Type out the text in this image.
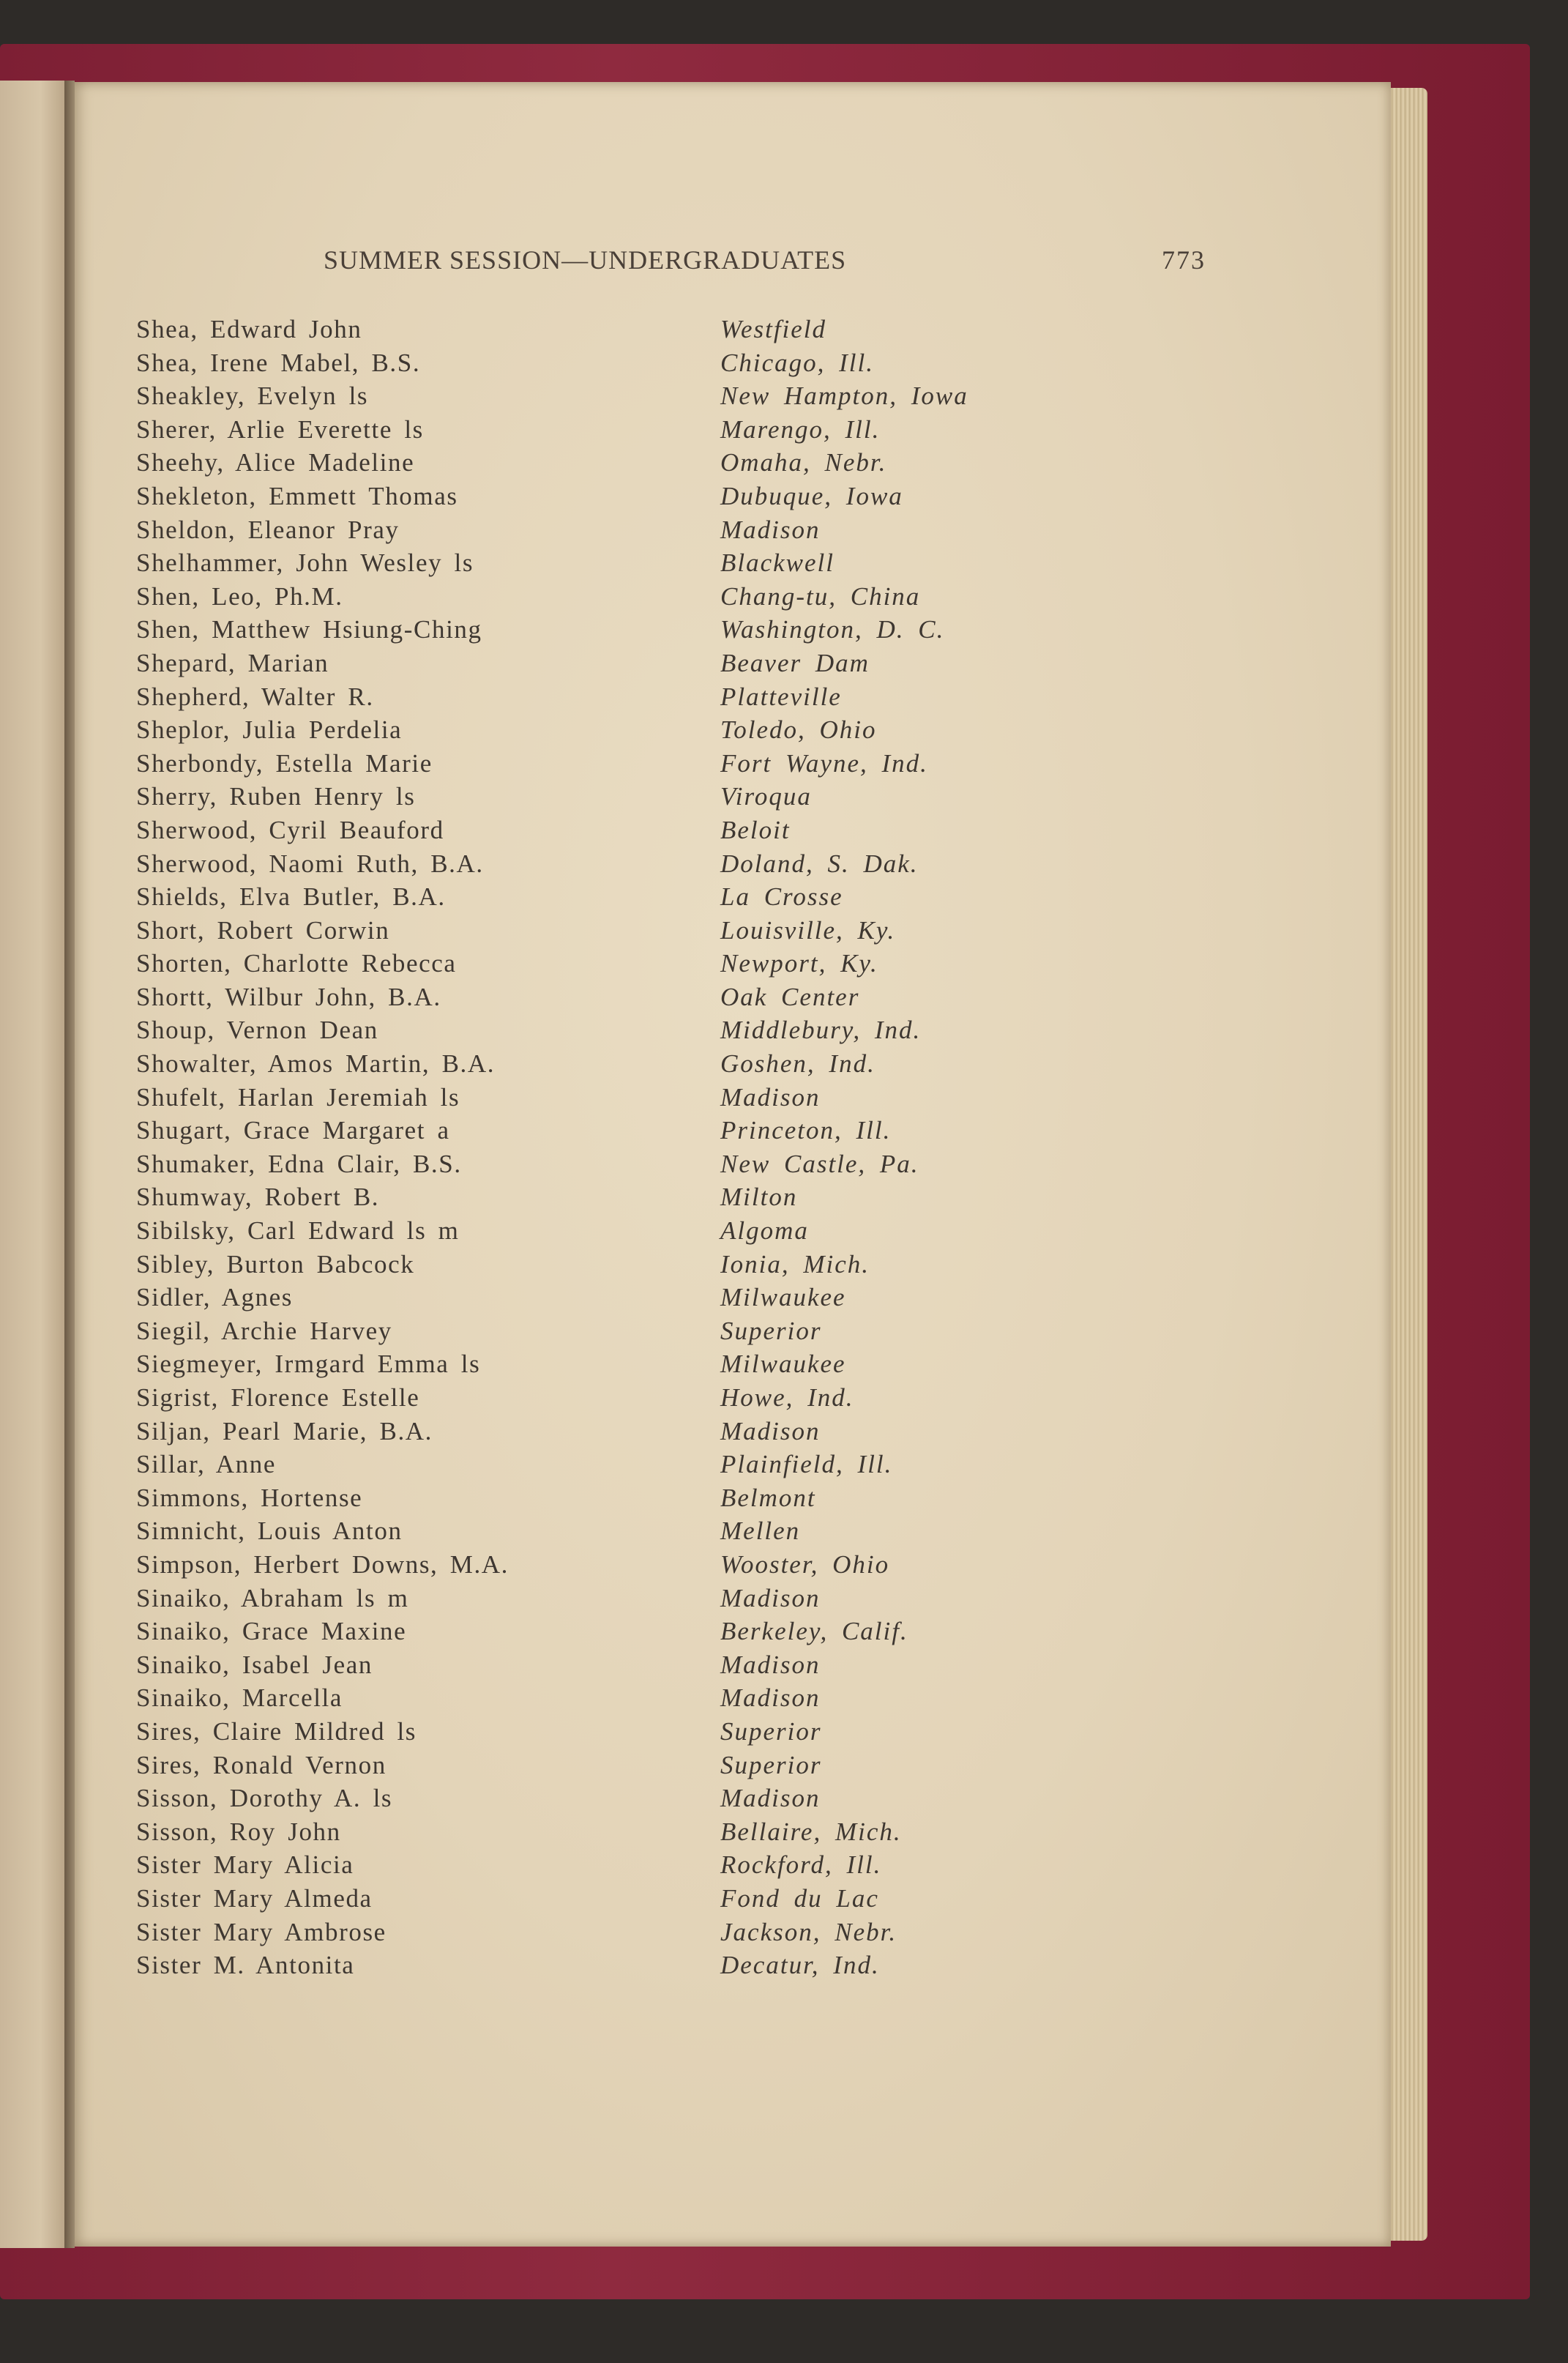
SUMMER SESSION—UNDERGRADUATES	773
Shea, Edward John	Westfield
Shea, Irene Mabel, B.S.	Chicago, Ill.
Sheakley, Evelyn ls	New Hampton, Iowa
Sherer, Arlie Everette ls	Marengo, Ill.
Sheehy, Alice Madeline	Omaha, Nebr.
Shekleton, Emmett Thomas	Dubuque, Iowa
Sheldon, Eleanor Pray	Madison
Shelhammer, John Wesley ls	Blackwell
Shen, Leo, Ph.M.	Chang-tu, China
Shen, Matthew Hsiung-Ching	Washington, D. C.
Shepard, Marian	Beaver Dam
Shepherd, Walter R.	Platteville
Sheplor, Julia Perdelia	Toledo, Ohio
Sherbondy, Estella Marie	Fort Wayne, Ind.
Sherry, Ruben Henry ls	Viroqua
Sherwood, Cyril Beauford	Beloit
Sherwood, Naomi Ruth, B.A.	Doland, S. Dak.
Shields, Elva Butler, B.A.	La Crosse
Short, Robert Corwin	Louisville, Ky.
Shorten, Charlotte Rebecca	Newport, Ky.
Shortt, Wilbur John, B.A.	Oak Center
Shoup, Vernon Dean	Middlebury, Ind.
Showalter, Amos Martin, B.A.	Goshen, Ind.
Shufelt, Harlan Jeremiah ls	Madison
Shugart, Grace Margaret a	Princeton, Ill.
Shumaker, Edna Clair, B.S.	New Castle, Pa.
Shumway, Robert B.	Milton
Sibilsky, Carl Edward ls m	Algoma
Sibley, Burton Babcock	Ionia, Mich.
Sidler, Agnes	Milwaukee
Siegil, Archie Harvey	Superior
Siegmeyer, Irmgard Emma ls	Milwaukee
Sigrist, Florence Estelle	Howe, Ind.
Siljan, Pearl Marie, B.A.	Madison
Sillar, Anne	Plainfield, Ill.
Simmons, Hortense	Belmont
Simnicht, Louis Anton	Mellen
Simpson, Herbert Downs, M.A.	Wooster, Ohio
Sinaiko, Abraham ls m	Madison
Sinaiko, Grace Maxine	Berkeley, Calif.
Sinaiko, Isabel Jean	Madison
Sinaiko, Marcella	Madison
Sires, Claire Mildred ls	Superior
Sires, Ronald Vernon	Superior
Sisson, Dorothy A. ls	Madison
Sisson, Roy John	Bellaire, Mich.
Sister Mary Alicia	Rockford, Ill.
Sister Mary Almeda	Fond du Lac
Sister Mary Ambrose	Jackson, Nebr.
Sister M. Antonita	Decatur, Ind.
